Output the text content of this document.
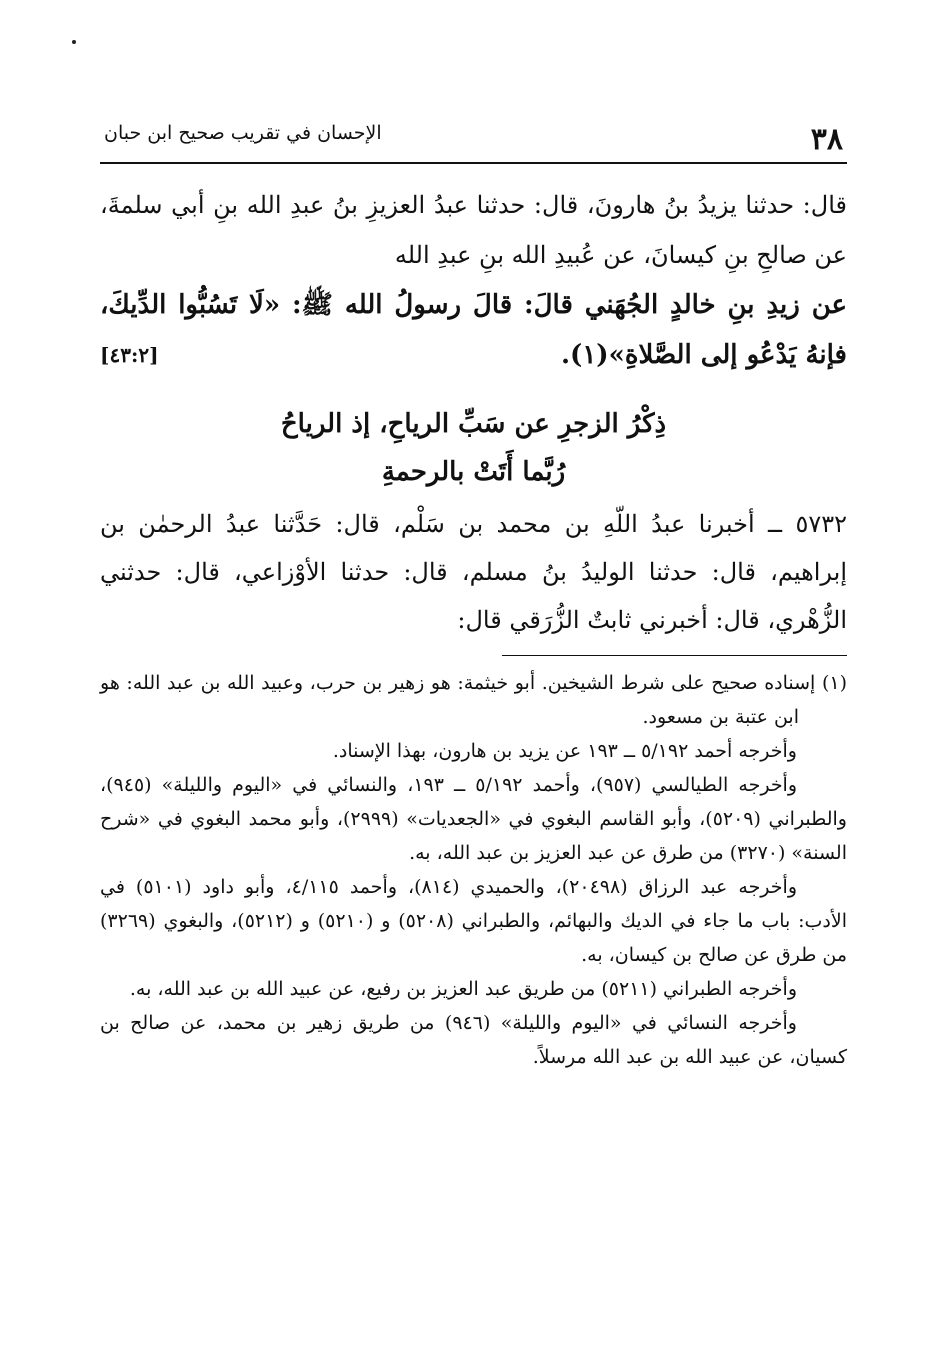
٣٨
الإحسان في تقريب صحيح ابن حبان

قال: حدثنا يزيدُ بنُ هارونَ، قال: حدثنا عبدُ العزيزِ بنُ عبدِ الله بنِ أبي سلمةَ، عن صالحِ بنِ كيسانَ، عن عُبيدِ الله بنِ عبدِ الله

عن زيدِ بنِ خالدٍ الجُهَني قالَ: قالَ رسولُ الله ﷺ: «لَا تَسُبُّوا الدِّيكَ، فإنهُ يَدْعُو إلى الصَّلاةِ»(١).
[٤٣:٢]

ذِكْرُ الزجرِ عن سَبِّ الرياحِ، إذ الرياحُ
رُبَّما أَتَتْ بالرحمةِ

٥٧٣٢ ــ أخبرنا عبدُ اللّهِ بن محمد بن سَلْم، قال: حَدَّثنا عبدُ الرحمٰن بن إبراهيم، قال: حدثنا الوليدُ بنُ مسلم، قال: حدثنا الأوْزاعي، قال: حدثني الزُّهْري، قال: أخبرني ثابتٌ الزُّرَقي قال:

(١) إسناده صحيح على شرط الشيخين. أبو خيثمة: هو زهير بن حرب، وعبيد الله بن عبد الله: هو ابن عتبة بن مسعود.

وأخرجه أحمد ٥/١٩٢ ــ ١٩٣ عن يزيد بن هارون، بهذا الإسناد.

وأخرجه الطيالسي (٩٥٧)، وأحمد ٥/١٩٢ ــ ١٩٣، والنسائي في «اليوم والليلة» (٩٤٥)، والطبراني (٥٢٠٩)، وأبو القاسم البغوي في «الجعديات» (٢٩٩٩)، وأبو محمد البغوي في «شرح السنة» (٣٢٧٠) من طرق عن عبد العزيز بن عبد الله، به.

وأخرجه عبد الرزاق (٢٠٤٩٨)، والحميدي (٨١٤)، وأحمد ٤/١١٥، وأبو داود (٥١٠١) في الأدب: باب ما جاء في الديك والبهائم، والطبراني (٥٢٠٨) و (٥٢١٠) و (٥٢١٢)، والبغوي (٣٢٦٩) من طرق عن صالح بن كيسان، به.

وأخرجه الطبراني (٥٢١١) من طريق عبد العزيز بن رفيع، عن عبيد الله بن عبد الله، به.

وأخرجه النسائي في «اليوم والليلة» (٩٤٦) من طريق زهير بن محمد، عن صالح بن كسيان، عن عبيد الله بن عبد الله مرسلاً.
